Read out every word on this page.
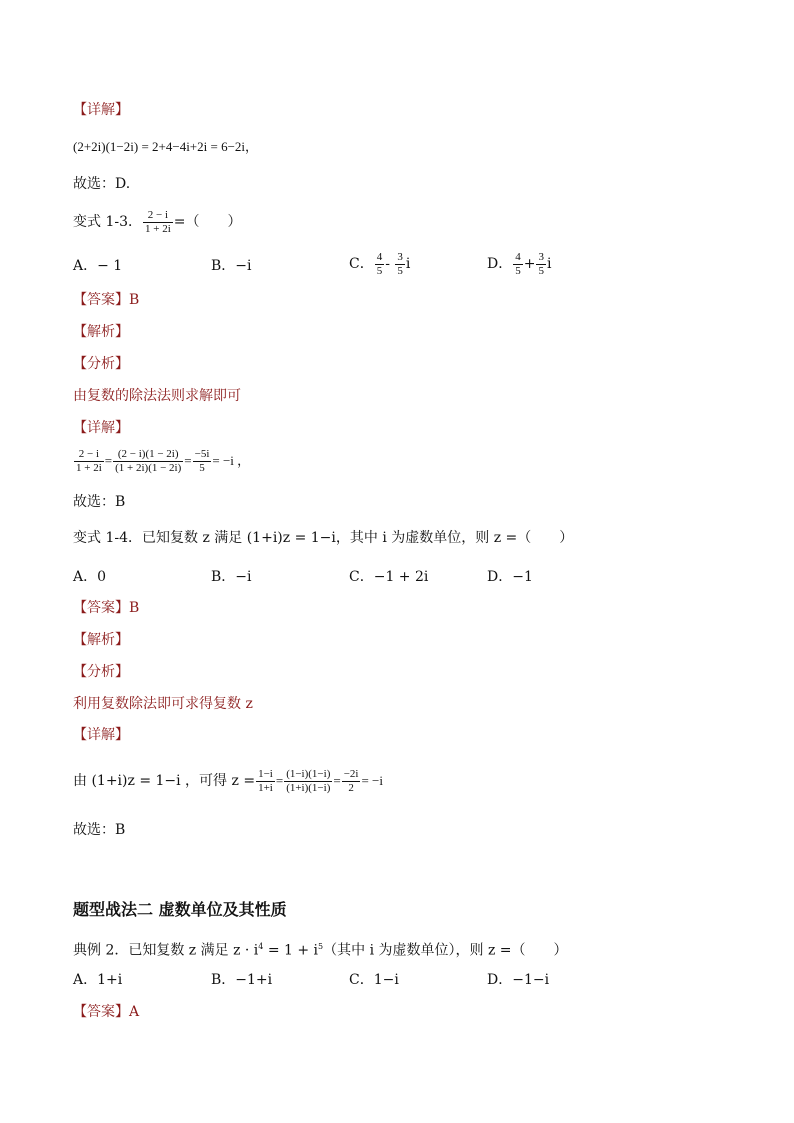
【详解】
(2+2i)(1−2i) = 2+4−4i+2i = 6−2i，
故选：D.
变式 1-3． $\frac{2 - i}{1 + 2i}$ =（　　）
A．− 1	B．−i	C． $\frac{4}{5} - \frac{3}{5}$ i	D． $\frac{4}{5} + \frac{3}{5}$ i
【答案】B
【解析】
【分析】
由复数的除法法则求解即可
【详解】
$\frac{2 - i}{1 + 2i} = \frac{(2 - i)(1 - 2i)}{(1 + 2i)(1 - 2i)} = \frac{-5i}{5} = -i$ ，
故选：B
变式 1-4．已知复数 z 满足 (1+i)z = 1−i，其中 i 为虚数单位，则 z =（　　）
A．0	B．−i	C．−1 + 2i	D．−1
【答案】B
【解析】
【分析】
利用复数除法即可求得复数 z
【详解】
由 (1+i)z = 1−i ，可得 $z = \frac{1-i}{1+i} = \frac{(1-i)(1-i)}{(1+i)(1-i)} = \frac{-2i}{2} = -i$
故选：B
题型战法二 虚数单位及其性质
典例 2．已知复数 z 满足 $z \cdot i^4 = 1 + i^5$（其中 i 为虚数单位），则 z =（　　）
A．1+i	B．−1+i	C．1−i	D．−1−i
【答案】A
